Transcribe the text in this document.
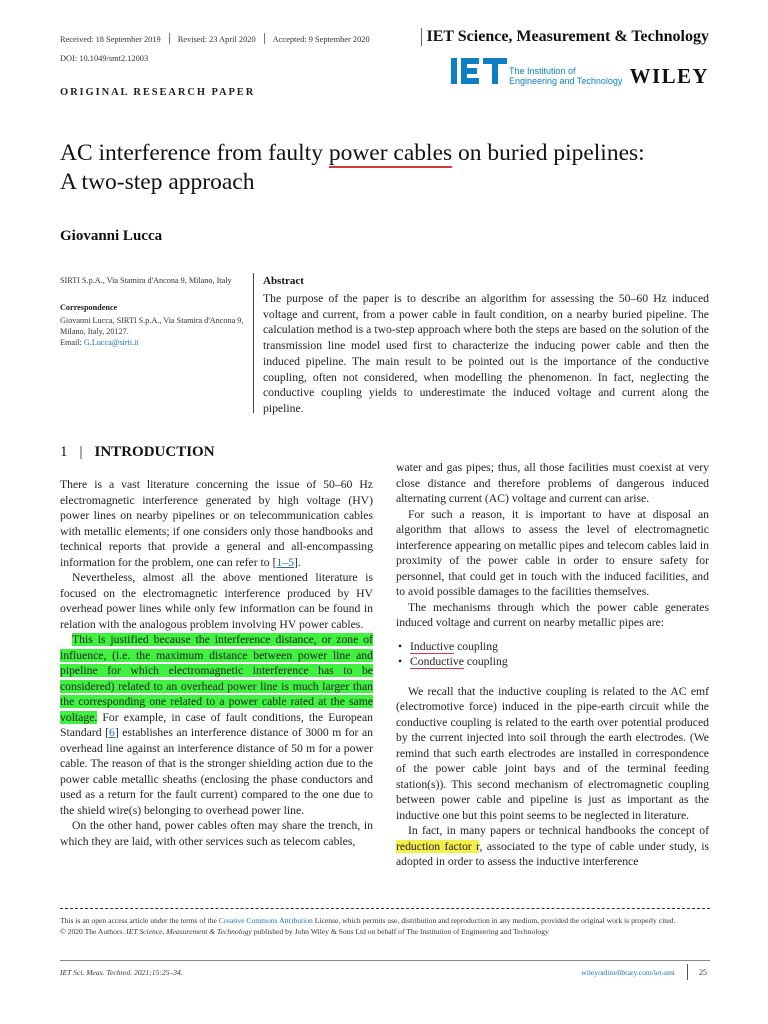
Received: 18 September 2019 Revised: 23 April 2020 Accepted: 9 September 2020
DOI: 10.1049/smt2.12003
IET Science, Measurement & Technology
The Institution of
Engineering and Technology WILEY
ORIGINAL RESEARCH PAPER
AC interference from faulty power cables on buried pipelines:
A two-step approach
Giovanni Lucca
SIRTI S.p.A., Via Stamira d'Ancona 9, Milano, Italy
Correspondence
Giovanni Lucca, SIRTI S.p.A., Via Stamira d'Ancona 9, Milano, Italy, 20127.
Email: G.Lucca@sirti.it
Abstract
The purpose of the paper is to describe an algorithm for assessing the 50–60 Hz induced voltage and current, from a power cable in fault condition, on a nearby buried pipeline. The calculation method is a two-step approach where both the steps are based on the solution of the transmission line model used first to characterize the inducing power cable and then the induced pipeline. The main result to be pointed out is the importance of the conductive coupling, often not considered, when modelling the phenomenon. In fact, neglecting the conductive coupling yields to underestimate the induced voltage and current along the pipeline.
1 | INTRODUCTION

There is a vast literature concerning the issue of 50–60 Hz electromagnetic interference generated by high voltage (HV) power lines on nearby pipelines or on telecommunication cables with metallic elements; if one considers only those handbooks and technical reports that provide a general and all-encompassing information for the problem, one can refer to [1–5].

Nevertheless, almost all the above mentioned literature is focused on the electromagnetic interference produced by HV overhead power lines while only few information can be found in relation with the analogous problem involving HV power cables.

This is justified because the interference distance, or zone of influence, (i.e. the maximum distance between power line and pipeline for which electromagnetic interference has to be considered) related to an overhead power line is much larger than the corresponding one related to a power cable rated at the same voltage. For example, in case of fault conditions, the European Standard [6] establishes an interference distance of 3000 m for an overhead line against an interference distance of 50 m for a power cable. The reason of that is the stronger shielding action due to the power cable metallic sheaths (enclosing the phase conductors and used as a return for the fault current) compared to the one due to the shield wire(s) belonging to overhead power line.

On the other hand, power cables often may share the trench, in which they are laid, with other services such as telecom cables,

water and gas pipes; thus, all those facilities must coexist at very close distance and therefore problems of dangerous induced alternating current (AC) voltage and current can arise.

For such a reason, it is important to have at disposal an algorithm that allows to assess the level of electromagnetic interference appearing on metallic pipes and telecom cables laid in proximity of the power cable in order to ensure safety for personnel, that could get in touch with the induced facilities, and to avoid possible damages to the facilities themselves.

The mechanisms through which the power cable generates induced voltage and current on nearby metallic pipes are:

• Inductive coupling
• Conductive coupling

We recall that the inductive coupling is related to the AC emf (electromotive force) induced in the pipe-earth circuit while the conductive coupling is related to the earth over potential produced by the current injected into soil through the earth electrodes. (We remind that such earth electrodes are installed in correspondence of the power cable joint bays and of the terminal feeding station(s)). This second mechanism of electromagnetic coupling between power cable and pipeline is just as important as the inductive one but this point seems to be neglected in literature.

In fact, in many papers or technical handbooks the concept of reduction factor r, associated to the type of cable under study, is adopted in order to assess the inductive interference

This is an open access article under the terms of the Creative Commons Attribution License, which permits use, distribution and reproduction in any medium, provided the original work is properly cited.

© 2020 The Authors. IET Science, Measurement & Technology published by John Wiley & Sons Ltd on behalf of The Institution of Engineering and Technology

IET Sci. Meas. Technol. 2021;15:25–34.	wileyonlinelibrary.com/iet-smt	25
